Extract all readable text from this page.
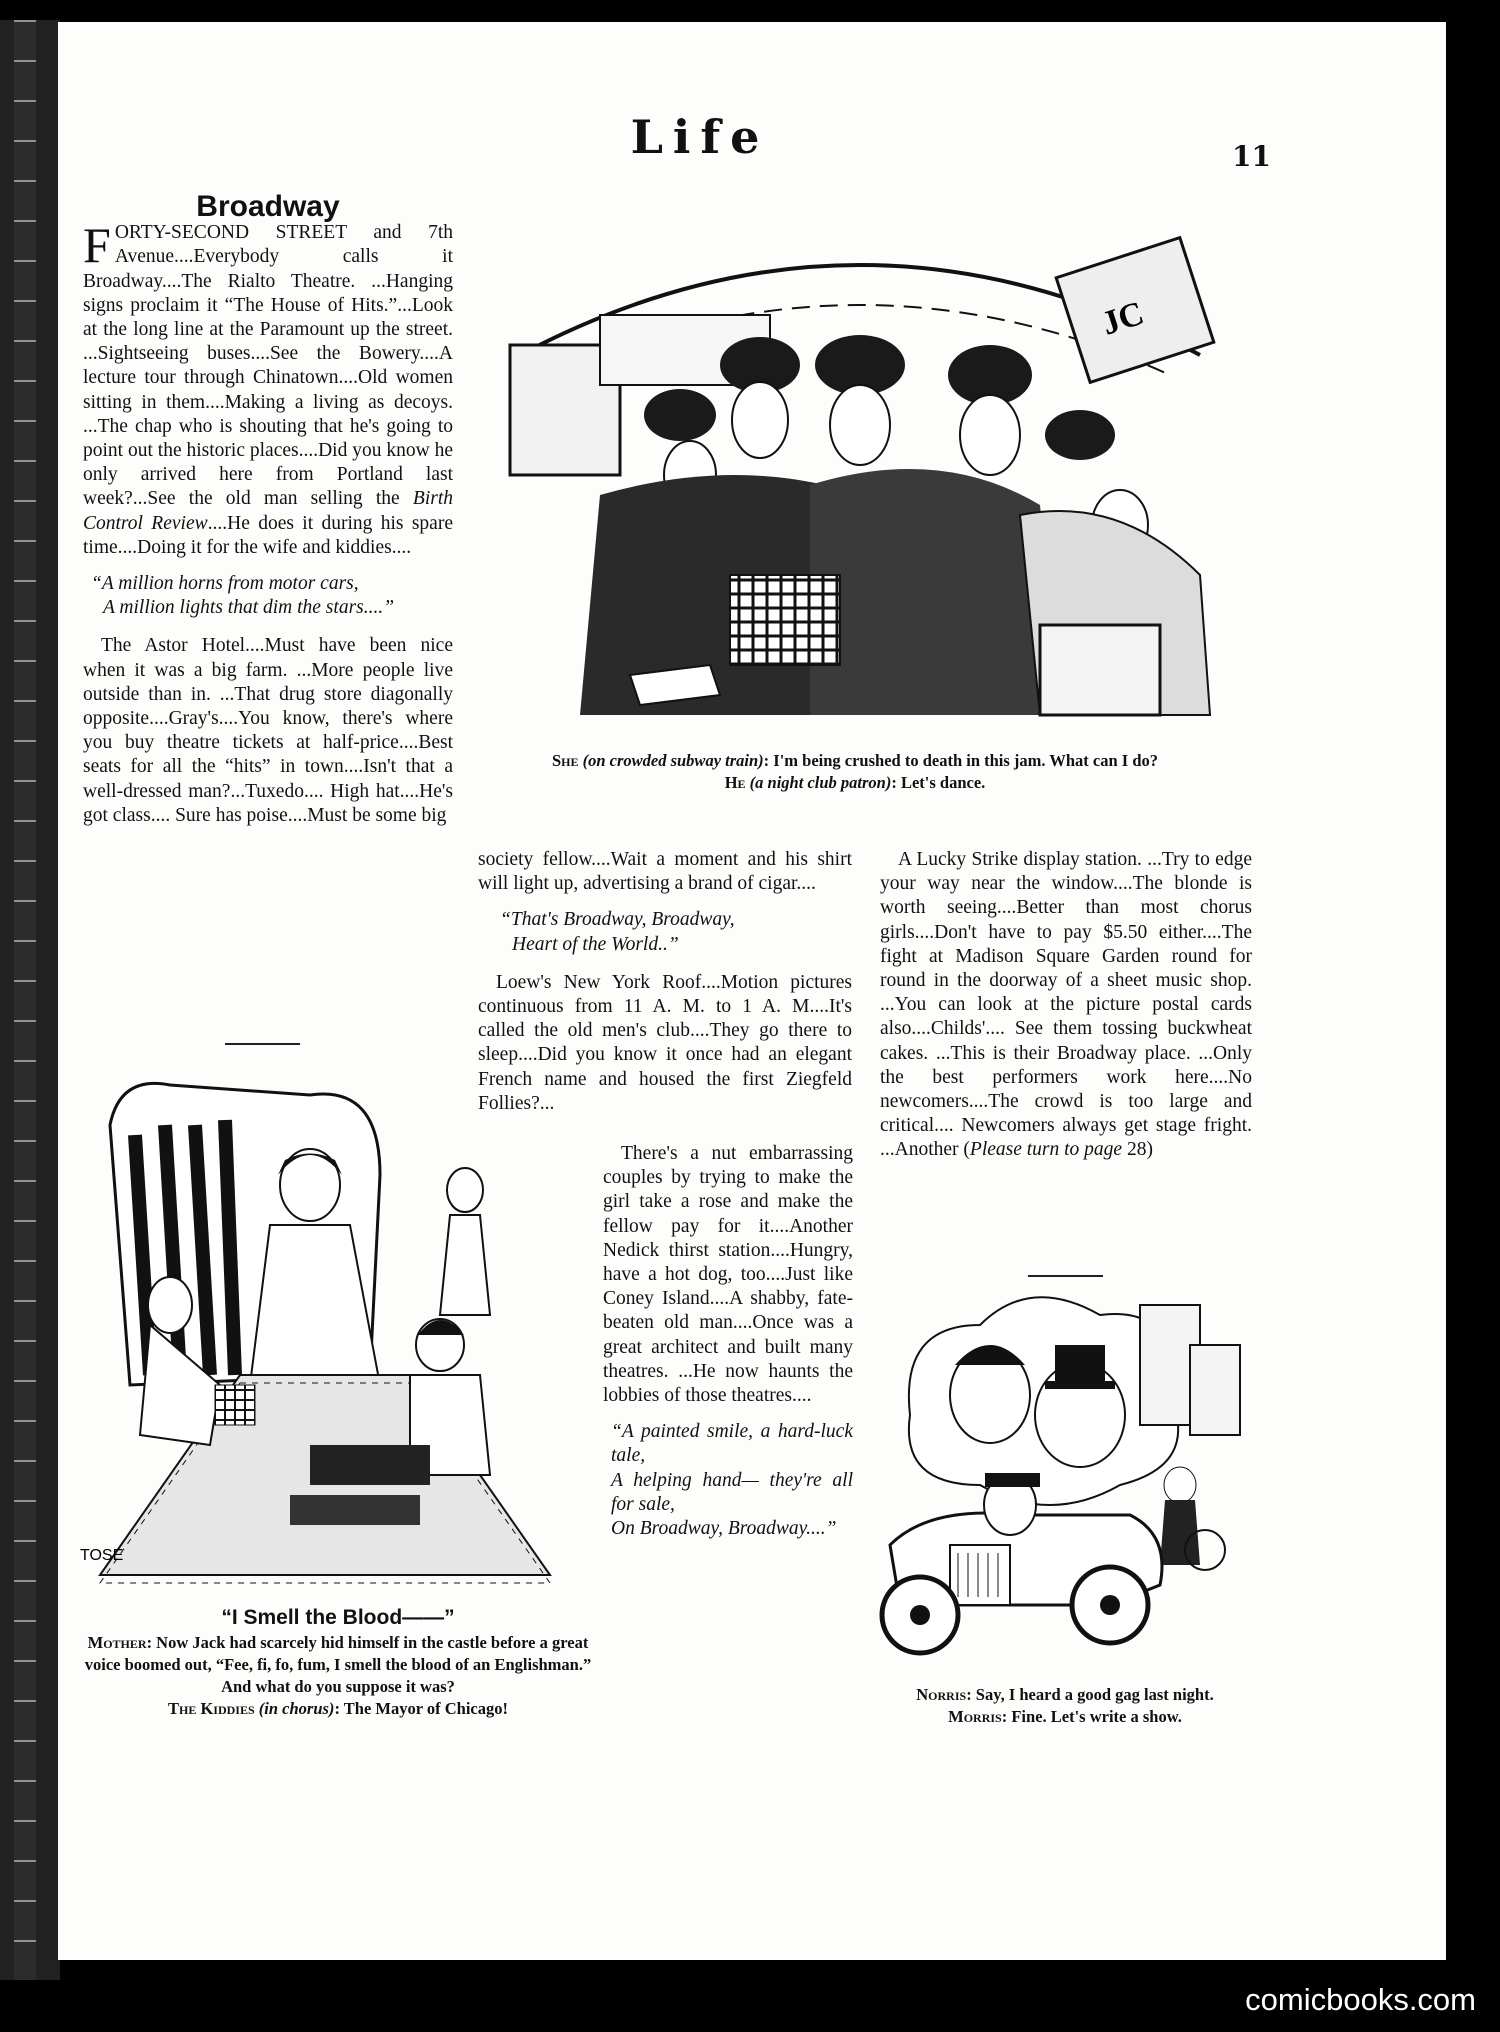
Life	11
Broadway

FORTY-SECOND STREET and 7th Avenue....Everybody calls it Broadway....The Rialto Theatre. ...Hanging signs proclaim it “The House of Hits.”...Look at the long line at the Paramount up the street. ...Sightseeing buses....See the Bowery....A lecture tour through Chinatown....Old women sitting in them....Making a living as decoys. ...The chap who is shouting that he's going to point out the historic places....Did you know he only arrived here from Portland last week?...See the old man selling the Birth Control Review....He does it during his spare time....Doing it for the wife and kiddies....

“A million horns from motor cars,
A million lights that dim the stars....”

The Astor Hotel....Must have been nice when it was a big farm. ...More people live outside than in. ...That drug store diagonally opposite....Gray's....You know, there's where you buy theatre tickets at half-price....Best seats for all the “hits” in town....Isn't that a well-dressed man?...Tuxedo.... High hat....He's got class.... Sure has poise....Must be some big

JC
She (on crowded subway train): I'm being crushed to death in this jam. What can I do?
He (a night club patron): Let's dance.

society fellow....Wait a moment and his shirt will light up, advertising a brand of cigar....

“That's Broadway, Broadway,
Heart of the World..”

Loew's New York Roof....Motion pictures continuous from 11 A. M. to 1 A. M....It's called the old men's club....They go there to sleep....Did you know it once had an elegant French name and housed the first Ziegfeld Follies?...

There's a nut embarrassing couples by trying to make the girl take a rose and make the fellow pay for it....Another Nedick thirst station....Hungry, have a hot dog, too....Just like Coney Island....A shabby, fate-beaten old man....Once was a great architect and built many theatres. ...He now haunts the lobbies of those theatres....

“A painted smile, a hard-luck tale,
A helping hand— they're all for sale,
On Broadway, Broadway....”

A Lucky Strike display station. ...Try to edge your way near the window....The blonde is worth seeing....Better than most chorus girls....Don't have to pay $5.50 either....The fight at Madison Square Garden round for round in the doorway of a sheet music shop. ...You can look at the picture postal cards also....Childs'.... See them tossing buckwheat cakes. ...This is their Broadway place. ...Only the best performers work here....No newcomers....The crowd is too large and critical.... Newcomers always get stage fright. ...Another (Please turn to page 28)

TOSE
“I Smell the Blood——”
Mother: Now Jack had scarcely hid himself in the castle before a great voice boomed out, “Fee, fi, fo, fum, I smell the blood of an Englishman.” And what do you suppose it was?
The Kiddies (in chorus): The Mayor of Chicago!
Norris: Say, I heard a good gag last night.
Morris: Fine. Let's write a show.
comicbooks.com
